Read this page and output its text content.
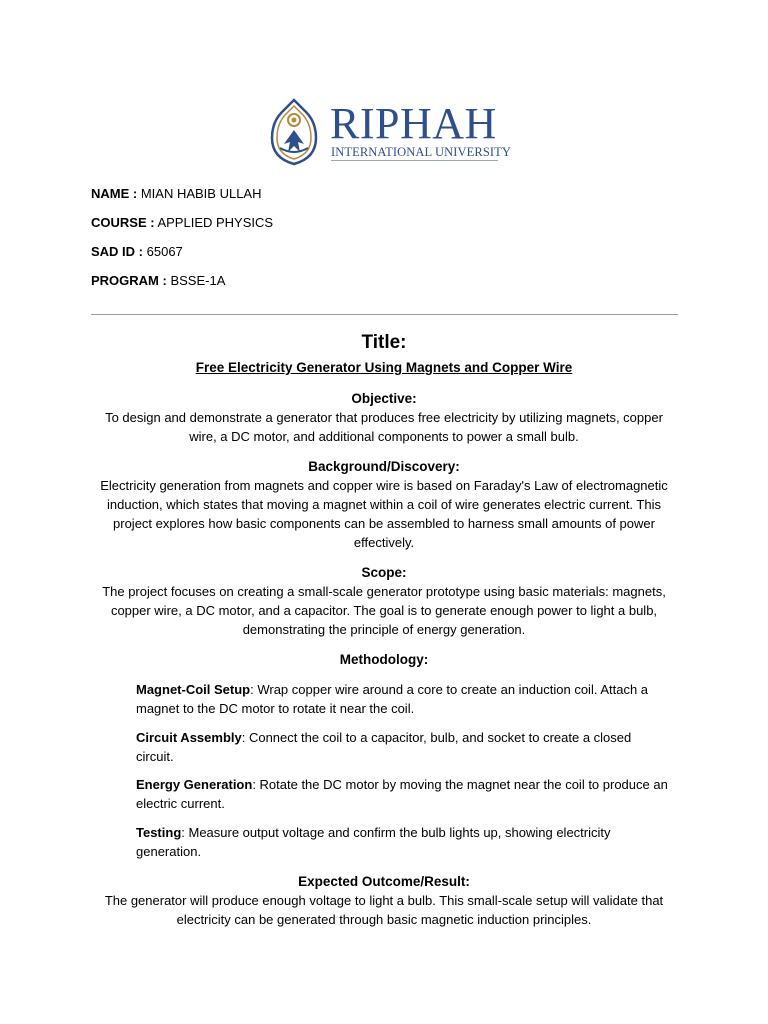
RIPHAH
INTERNATIONAL UNIVERSITY
NAME : MIAN HABIB ULLAH
COURSE : APPLIED PHYSICS
SAD ID : 65067
PROGRAM : BSSE-1A
Title:
Free Electricity Generator Using Magnets and Copper Wire
Objective:
To design and demonstrate a generator that produces free electricity by utilizing magnets, copper
wire, a DC motor, and additional components to power a small bulb.
Background/Discovery:
Electricity generation from magnets and copper wire is based on Faraday's Law of electromagnetic
induction, which states that moving a magnet within a coil of wire generates electric current. This
project explores how basic components can be assembled to harness small amounts of power
effectively.
Scope:
The project focuses on creating a small-scale generator prototype using basic materials: magnets,
copper wire, a DC motor, and a capacitor. The goal is to generate enough power to light a bulb,
demonstrating the principle of energy generation.
Methodology:
Magnet-Coil Setup: Wrap copper wire around a core to create an induction coil. Attach a
magnet to the DC motor to rotate it near the coil.
Circuit Assembly: Connect the coil to a capacitor, bulb, and socket to create a closed
circuit.
Energy Generation: Rotate the DC motor by moving the magnet near the coil to produce an
electric current.
Testing: Measure output voltage and confirm the bulb lights up, showing electricity
generation.
Expected Outcome/Result:
The generator will produce enough voltage to light a bulb. This small-scale setup will validate that
electricity can be generated through basic magnetic induction principles.
